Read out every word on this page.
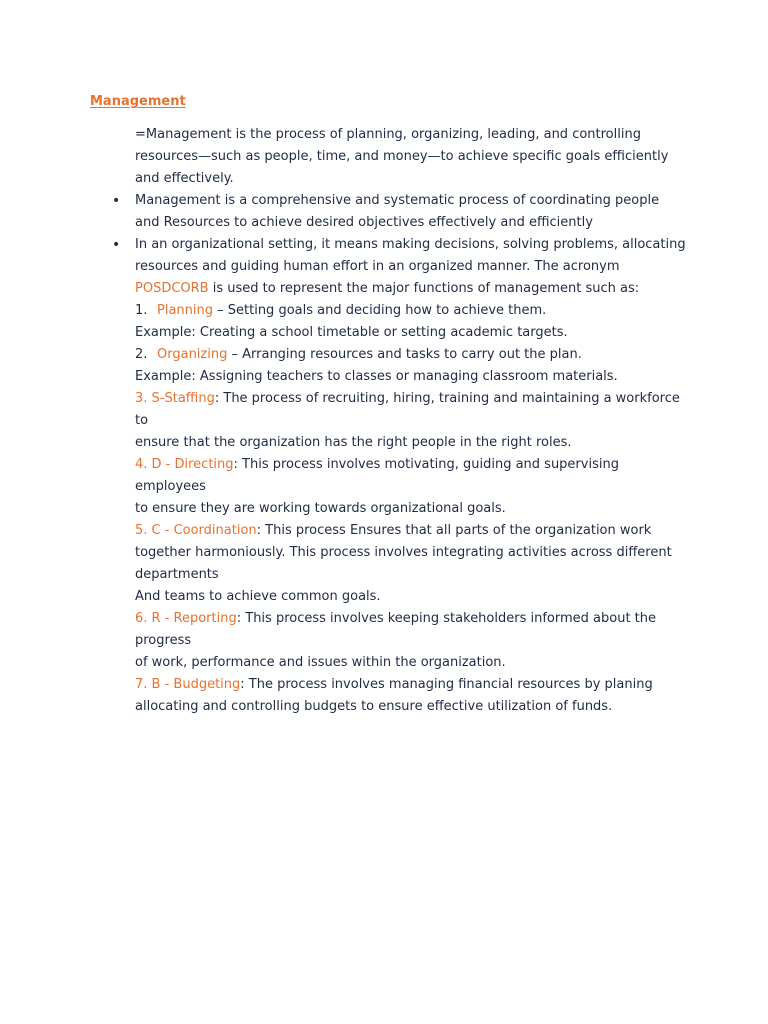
Management
=Management is the process of planning, organizing, leading, and controlling
resources—such as people, time, and money—to achieve specific goals efficiently
and effectively.
• Management is a comprehensive and systematic process of coordinating people
and Resources to achieve desired objectives effectively and efficiently
• In an organizational setting, it means making decisions, solving problems, allocating
resources and guiding human effort in an organized manner. The acronym
POSDCORB is used to represent the major functions of management such as:
1. Planning – Setting goals and deciding how to achieve them.
Example: Creating a school timetable or setting academic targets.
2. Organizing – Arranging resources and tasks to carry out the plan.
Example: Assigning teachers to classes or managing classroom materials.
3. S-Staffing: The process of recruiting, hiring, training and maintaining a workforce
to
ensure that the organization has the right people in the right roles.
4. D - Directing: This process involves motivating, guiding and supervising
employees
to ensure they are working towards organizational goals.
5. C - Coordination: This process Ensures that all parts of the organization work
together harmoniously. This process involves integrating activities across different
departments
And teams to achieve common goals.
6. R - Reporting: This process involves keeping stakeholders informed about the
progress
of work, performance and issues within the organization.
7. B - Budgeting: The process involves managing financial resources by planing
allocating and controlling budgets to ensure effective utilization of funds.
